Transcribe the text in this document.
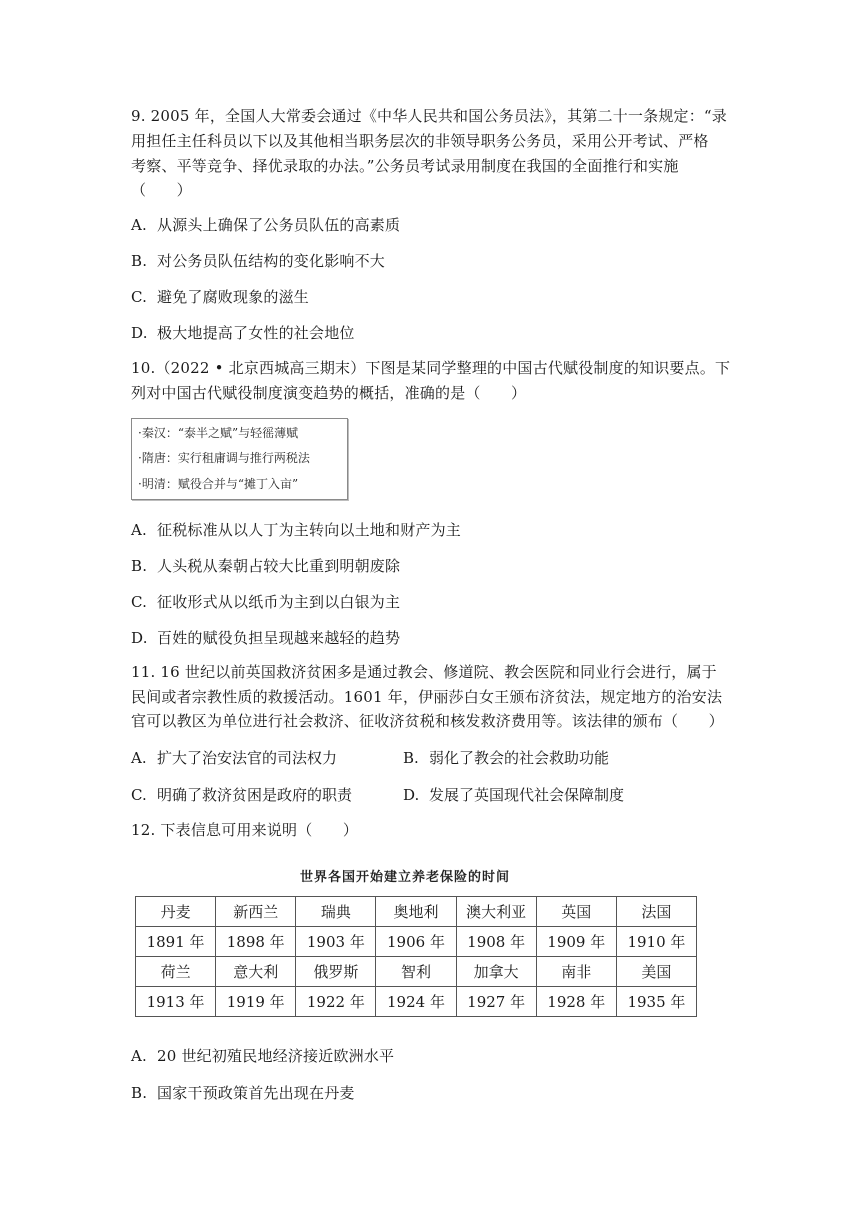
9. 2005 年，全国人大常委会通过《中华人民共和国公务员法》，其第二十一条规定：“录
用担任主任科员以下以及其他相当职务层次的非领导职务公务员，采用公开考试、严格
考察、平等竞争、择优录取的办法。”公务员考试录用制度在我国的全面推行和实施
（　　）
A. 从源头上确保了公务员队伍的高素质
B. 对公务员队伍结构的变化影响不大
C. 避免了腐败现象的滋生
D. 极大地提高了女性的社会地位
10.（2022 • 北京西城高三期末）下图是某同学整理的中国古代赋役制度的知识要点。下
列对中国古代赋役制度演变趋势的概括，准确的是（　　）
·秦汉：“泰半之赋”与轻徭薄赋
·隋唐：实行租庸调与推行两税法
·明清：赋役合并与“摊丁入亩”
A. 征税标准从以人丁为主转向以土地和财产为主
B. 人头税从秦朝占较大比重到明朝废除
C. 征收形式从以纸币为主到以白银为主
D. 百姓的赋役负担呈现越来越轻的趋势
11. 16 世纪以前英国救济贫困多是通过教会、修道院、教会医院和同业行会进行，属于
民间或者宗教性质的救援活动。1601 年，伊丽莎白女王颁布济贫法，规定地方的治安法
官可以教区为单位进行社会救济、征收济贫税和核发救济费用等。该法律的颁布（　　）
A. 扩大了治安法官的司法权力	B. 弱化了教会的社会救助功能
C. 明确了救济贫困是政府的职责	D. 发展了英国现代社会保障制度
12. 下表信息可用来说明（　　）
世界各国开始建立养老保险的时间
丹麦	新西兰	瑞典	奥地利	澳大利亚	英国	法国
1891 年	1898 年	1903 年	1906 年	1908 年	1909 年	1910 年
荷兰	意大利	俄罗斯	智利	加拿大	南非	美国
1913 年	1919 年	1922 年	1924 年	1927 年	1928 年	1935 年
A. 20 世纪初殖民地经济接近欧洲水平
B. 国家干预政策首先出现在丹麦
